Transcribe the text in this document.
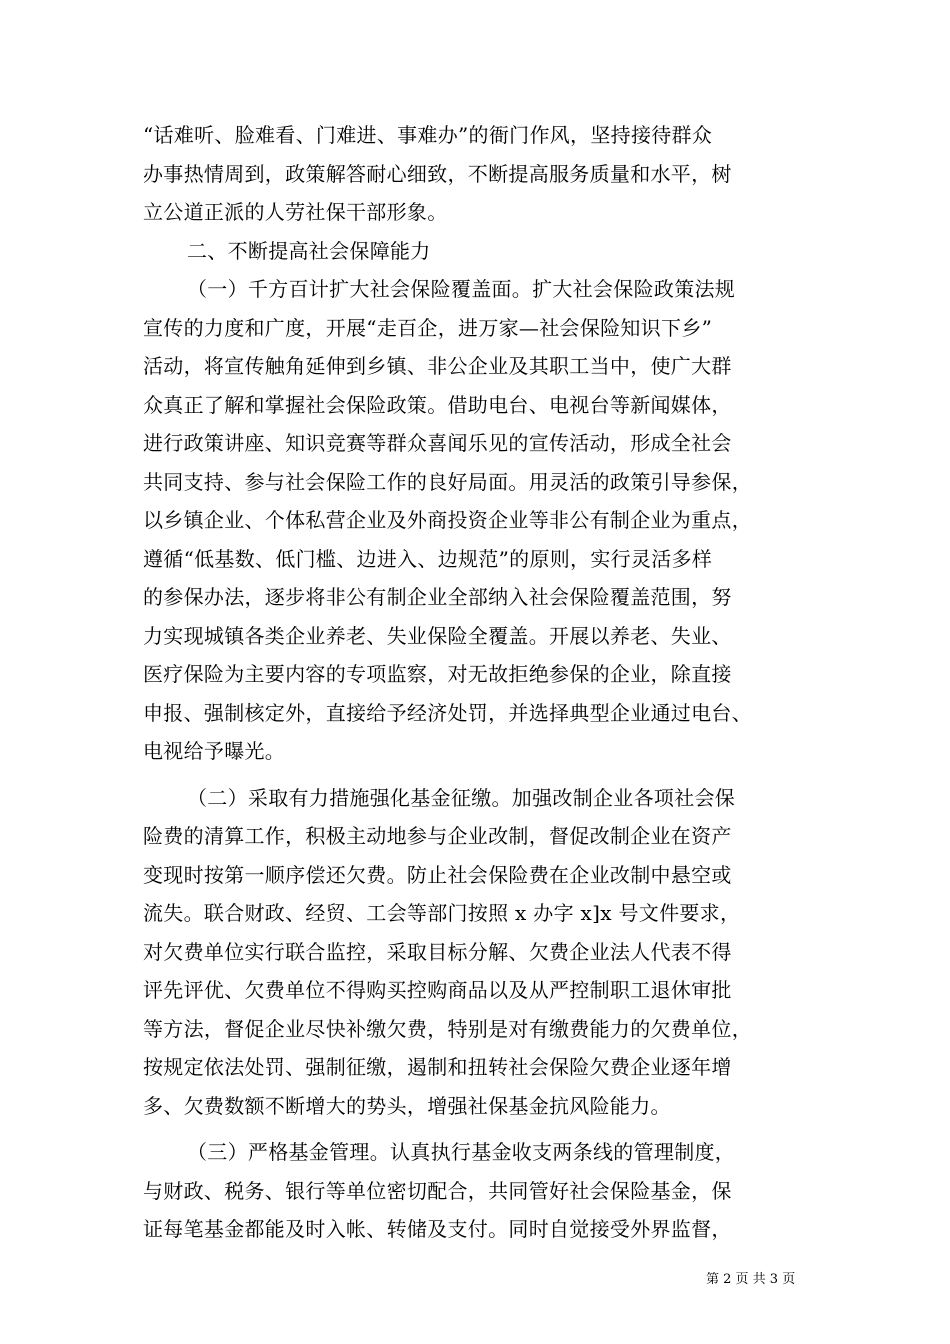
“话难听、脸难看、门难进、事难办”的衙门作风，坚持接待群众
办事热情周到，政策解答耐心细致，不断提高服务质量和水平，树
立公道正派的人劳社保干部形象。
二、不断提高社会保障能力
（一）千方百计扩大社会保险覆盖面。扩大社会保险政策法规
宣传的力度和广度，开展“走百企，进万家—社会保险知识下乡”
活动，将宣传触角延伸到乡镇、非公企业及其职工当中，使广大群
众真正了解和掌握社会保险政策。借助电台、电视台等新闻媒体，
进行政策讲座、知识竞赛等群众喜闻乐见的宣传活动，形成全社会
共同支持、参与社会保险工作的良好局面。用灵活的政策引导参保，
以乡镇企业、个体私营企业及外商投资企业等非公有制企业为重点，
遵循“低基数、低门槛、边进入、边规范”的原则，实行灵活多样
的参保办法，逐步将非公有制企业全部纳入社会保险覆盖范围，努
力实现城镇各类企业养老、失业保险全覆盖。开展以养老、失业、
医疗保险为主要内容的专项监察，对无故拒绝参保的企业，除直接
申报、强制核定外，直接给予经济处罚，并选择典型企业通过电台、
电视给予曝光。
（二）采取有力措施强化基金征缴。加强改制企业各项社会保
险费的清算工作，积极主动地参与企业改制，督促改制企业在资产
变现时按第一顺序偿还欠费。防止社会保险费在企业改制中悬空或
流失。联合财政、经贸、工会等部门按照 x 办字 x]x 号文件要求，
对欠费单位实行联合监控，采取目标分解、欠费企业法人代表不得
评先评优、欠费单位不得购买控购商品以及从严控制职工退休审批
等方法，督促企业尽快补缴欠费，特别是对有缴费能力的欠费单位，
按规定依法处罚、强制征缴，遏制和扭转社会保险欠费企业逐年增
多、欠费数额不断增大的势头，增强社保基金抗风险能力。
（三）严格基金管理。认真执行基金收支两条线的管理制度，
与财政、税务、银行等单位密切配合，共同管好社会保险基金，保
证每笔基金都能及时入帐、转储及支付。同时自觉接受外界监督，
第 2 页 共 3 页
